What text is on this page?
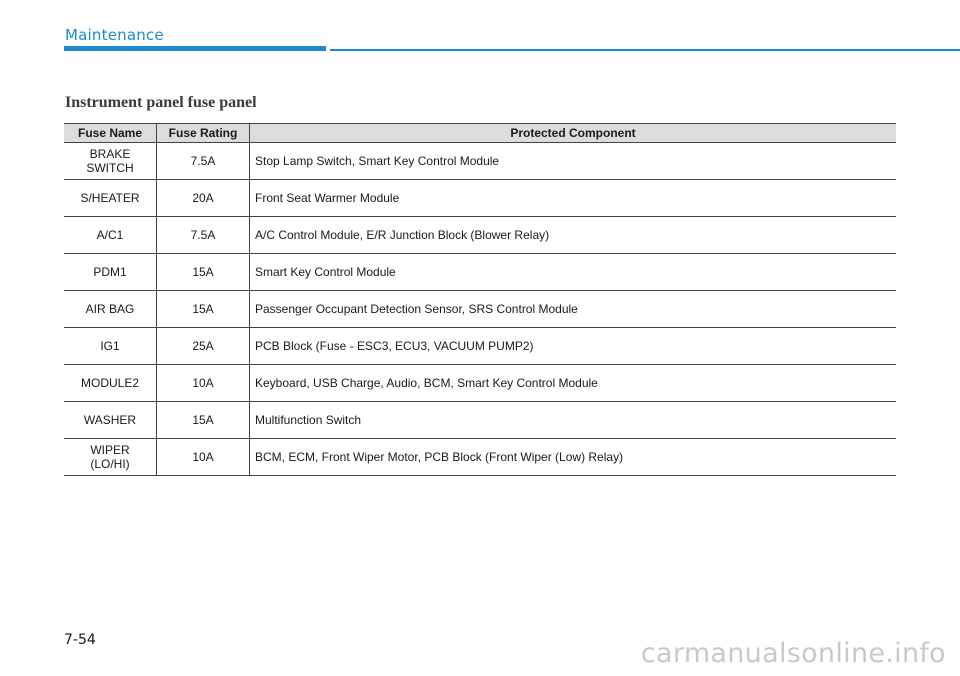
Maintenance
Instrument panel fuse panel
Fuse Name	Fuse Rating	Protected Component
BRAKE
SWITCH	7.5A	Stop Lamp Switch, Smart Key Control Module
S/HEATER	20A	Front Seat Warmer Module
A/C1	7.5A	A/C Control Module, E/R Junction Block (Blower Relay)
PDM1	15A	Smart Key Control Module
AIR BAG	15A	Passenger Occupant Detection Sensor, SRS Control Module
IG1	25A	PCB Block (Fuse - ESC3, ECU3, VACUUM PUMP2)
MODULE2	10A	Keyboard, USB Charge, Audio, BCM, Smart Key Control Module
WASHER	15A	Multifunction Switch
WIPER
(LO/HI)	10A	BCM, ECM, Front Wiper Motor, PCB Block (Front Wiper (Low) Relay)
7-54	carmanualsonline.info
